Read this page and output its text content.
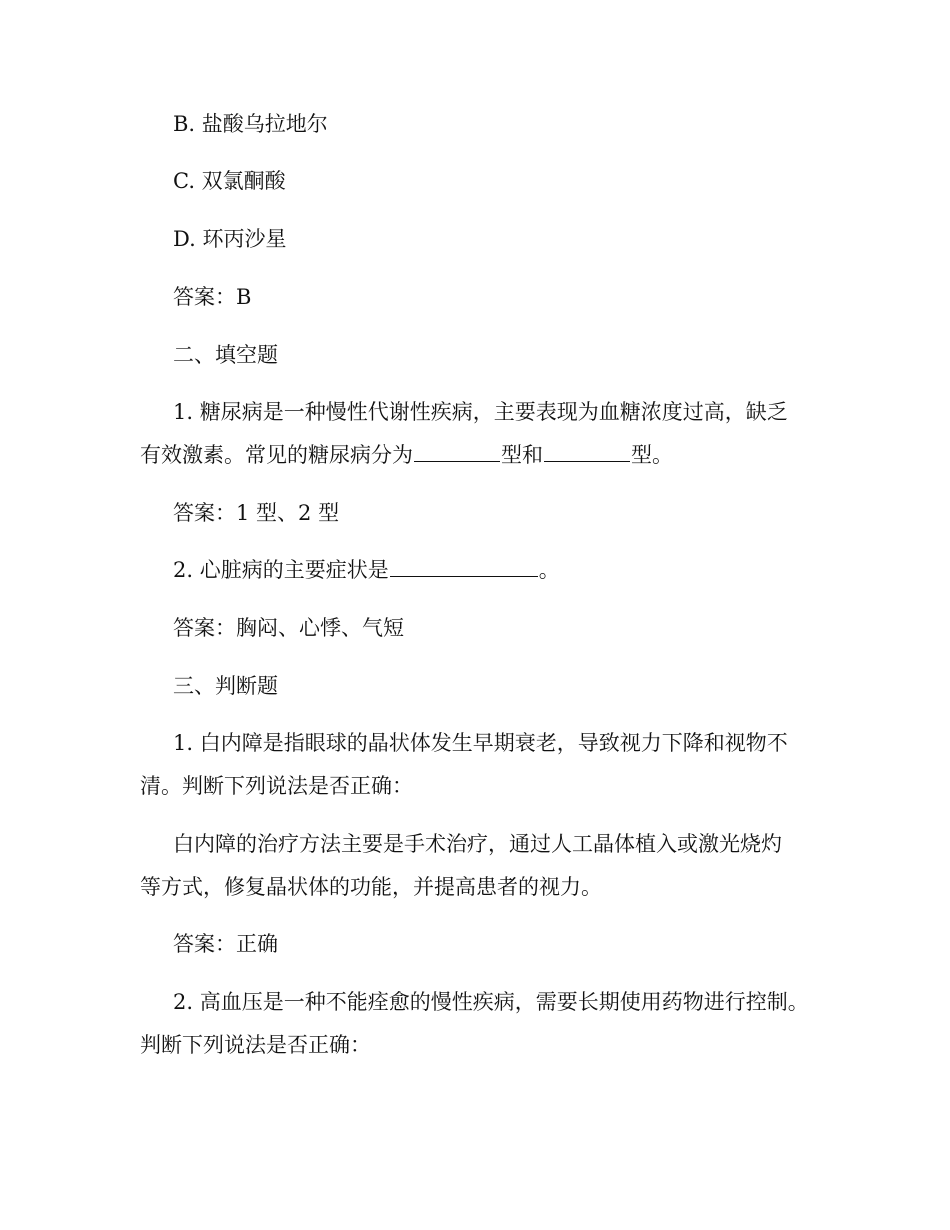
B. 盐酸乌拉地尔
C. 双氯酮酸
D. 环丙沙星
答案：B
二、填空题
1. 糖尿病是一种慢性代谢性疾病，主要表现为血糖浓度过高，缺乏
有效激素。常见的糖尿病分为	型和	型。
答案：1 型、2 型
2. 心脏病的主要症状是	。
答案：胸闷、心悸、气短
三、判断题
1. 白内障是指眼球的晶状体发生早期衰老，导致视力下降和视物不
清。判断下列说法是否正确：
白内障的治疗方法主要是手术治疗，通过人工晶体植入或激光烧灼
等方式，修复晶状体的功能，并提高患者的视力。
答案：正确
2. 高血压是一种不能痊愈的慢性疾病，需要长期使用药物进行控制。
判断下列说法是否正确：
